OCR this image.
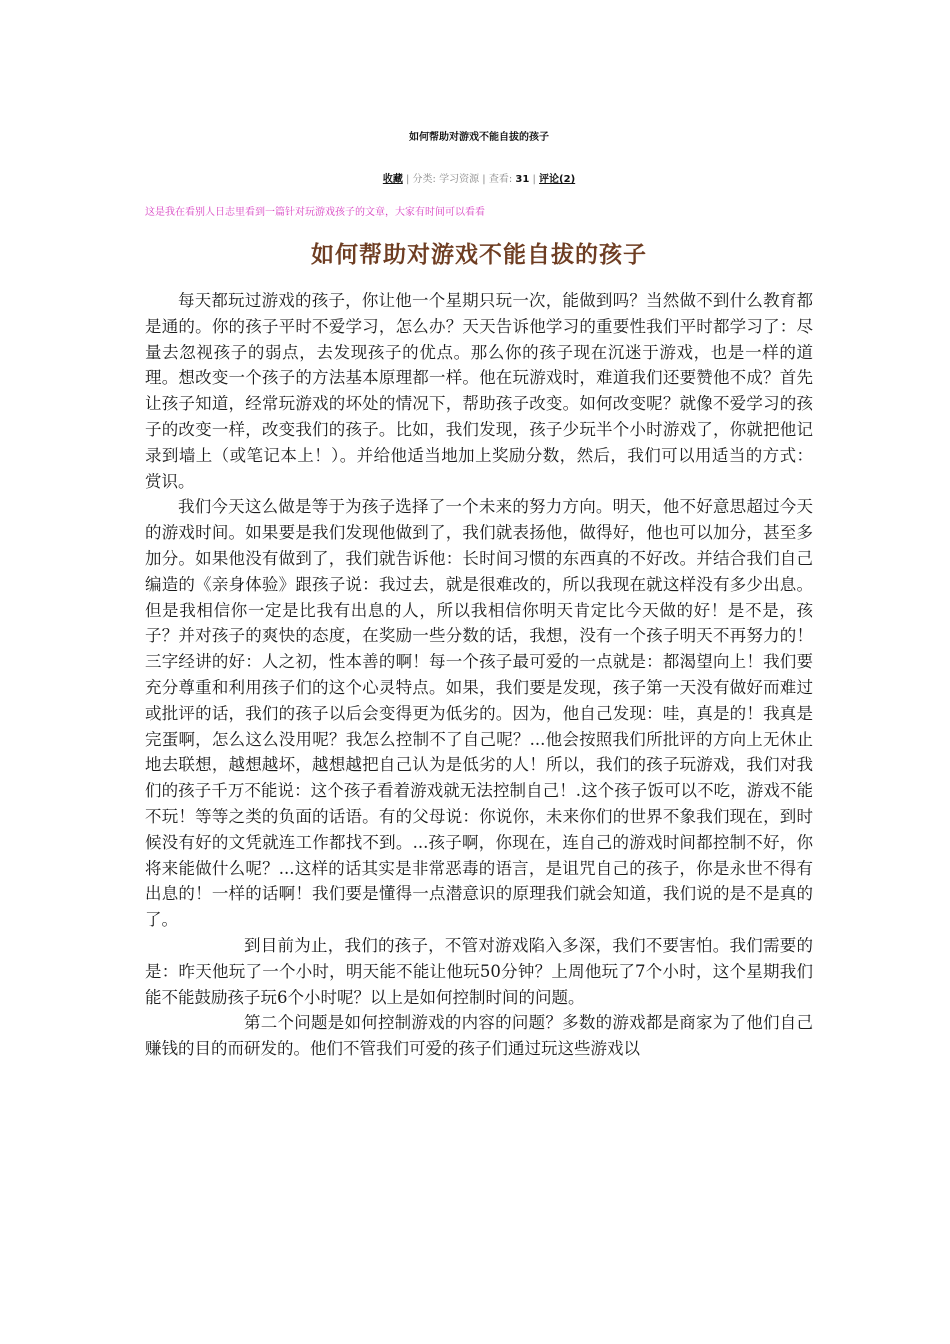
如何帮助对游戏不能自拔的孩子
收藏 | 分类: 学习资源 | 查看: 31 | 评论(2)
这是我在看别人日志里看到一篇针对玩游戏孩子的文章，大家有时间可以看看
如何帮助对游戏不能自拔的孩子

每天都玩过游戏的孩子，你让他一个星期只玩一次，能做到吗？当然做不到什么教育都是通的。你的孩子平时不爱学习，怎么办？天天告诉他学习的重要性我们平时都学习了：尽量去忽视孩子的弱点，去发现孩子的优点。那么你的孩子现在沉迷于游戏，也是一样的道理。想改变一个孩子的方法基本原理都一样。他在玩游戏时，难道我们还要赞他不成？首先让孩子知道，经常玩游戏的坏处的情况下，帮助孩子改变。如何改变呢？就像不爱学习的孩子的改变一样，改变我们的孩子。比如，我们发现，孩子少玩半个小时游戏了，你就把他记录到墙上（或笔记本上！）。并给他适当地加上奖励分数，然后，我们可以用适当的方式：赏识。

我们今天这么做是等于为孩子选择了一个未来的努力方向。明天，他不好意思超过今天的游戏时间。如果要是我们发现他做到了，我们就表扬他，做得好，他也可以加分，甚至多加分。如果他没有做到了，我们就告诉他：长时间习惯的东西真的不好改。并结合我们自己编造的《亲身体验》跟孩子说：我过去，就是很难改的，所以我现在就这样没有多少出息。但是我相信你一定是比我有出息的人，所以我相信你明天肯定比今天做的好！是不是，孩子？并对孩子的爽快的态度，在奖励一些分数的话，我想，没有一个孩子明天不再努力的！三字经讲的好：人之初，性本善的啊！每一个孩子最可爱的一点就是：都渴望向上！我们要充分尊重和利用孩子们的这个心灵特点。如果，我们要是发现，孩子第一天没有做好而难过或批评的话，我们的孩子以后会变得更为低劣的。因为，他自己发现：哇，真是的！我真是完蛋啊，怎么这么没用呢？我怎么控制不了自己呢？...他会按照我们所批评的方向上无休止地去联想，越想越坏，越想越把自己认为是低劣的人！所以，我们的孩子玩游戏，我们对我们的孩子千万不能说：这个孩子看着游戏就无法控制自己！.这个孩子饭可以不吃，游戏不能不玩！等等之类的负面的话语。有的父母说：你说你，未来你们的世界不象我们现在，到时候没有好的文凭就连工作都找不到。...孩子啊，你现在，连自己的游戏时间都控制不好，你将来能做什么呢？...这样的话其实是非常恶毒的语言，是诅咒自己的孩子，你是永世不得有出息的！一样的话啊！我们要是懂得一点潜意识的原理我们就会知道，我们说的是不是真的了。

到目前为止，我们的孩子，不管对游戏陷入多深，我们不要害怕。我们需要的是：昨天他玩了一个小时，明天能不能让他玩50分钟？上周他玩了7个小时，这个星期我们能不能鼓励孩子玩6个小时呢？以上是如何控制时间的问题。

第二个问题是如何控制游戏的内容的问题？多数的游戏都是商家为了他们自己赚钱的目的而研发的。他们不管我们可爱的孩子们通过玩这些游戏以
